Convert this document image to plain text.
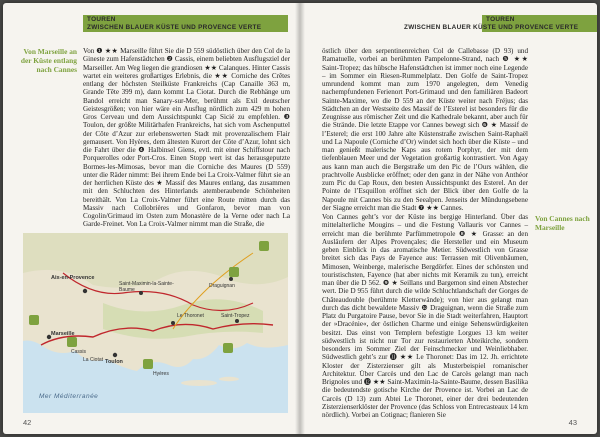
TOUREN
ZWISCHEN BLAUER KÜSTE UND PROVENCE VERTE
Von Marseille an der Küste entlang nach Cannes

Von ❶ ★★ Marseille führt Sie die D 559 südöstlich über den Col de la Gineste zum Hafenstädtchen ❷ Cassis, einem beliebten Ausflugsziel der Marseiller. Am Weg liegen die grandiosen ★★ Calanques. Hinter Cassis wartet ein weiteres großartiges Erlebnis, die ★★ Corniche des Crêtes entlang der höchsten Steilküste Frankreichs (Cap Canaille 363 m, Grande Tête 399 m), dann kommt La Ciotat. Durch die Rebhänge um Bandol erreicht man Sanary-sur-Mer, berühmt als Exil deutscher Geistesgrößen; von hier wäre ein Ausflug nördlich zum 429 m hohen Gros Cerveau und dem Aussichtspunkt Cap Sicié zu empfehlen. ❸ Toulon, der größte Militärhafen Frankreichs, hat sich vom Aschenputtel der Côte d’Azur zur erlebenswerten Stadt mit provenzalischem Flair gemausert. Von Hyères, dem ältesten Kurort der Côte d’Azur, lohnt sich die Fahrt über die ❹ Halbinsel Giens, evtl. mit einer Schiffstour nach Porquerolles oder Port-Cros. Einen Stopp wert ist das herausgeputzte Bormes-les-Mimosas, bevor man die Corniche des Maures (D 559) unter die Räder nimmt: Bei ihrem Ende bei La Croix-Valmer führt sie an der herrlichen Küste des ★ Massif des Maures entlang, das zusammen mit den Schluchten des Hinterlands atemberaubende Schönheiten bereithält. Von La Croix-Valmer führt eine Route mitten durch das Massiv nach Collobrières und Gonfaron, bevor man von Cogolin/Grimaud im Osten zum Monastère de la Verne oder nach La Garde-Freinet. Von La Croix-Valmer nimmt man die Straße, die

Mer Méditerranée
Aix-en-Provence
Marseille
Toulon
Saint-Maximin-la-Sainte-Baume
Le Thoronet	Saint-Tropez
Draguignan
Cassis
La Ciotat
Hyères
42
TOUREN
ZWISCHEN BLAUER KÜSTE UND PROVENCE VERTE
Von Cannes nach Marseille

östlich über den serpentinenreichen Col de Callebasse (D 93) und Ramatuelle, vorbei an berühmten Pampelonne-Strand, nach ❺ ★★ Saint-Tropez; das hübsche Hafenstädtchen ist immer noch eine Legende – im Sommer ein Riesen-Rummelplatz. Den Golfe de Saint-Tropez umrundend kommt man zum 1970 angelegten, dem Venedig nachempfundenen Ferienort Port-Grimaud und den familiären Badeort Sainte-Maxime, wo die D 559 an der Küste weiter nach Fréjus; das Städtchen an der Westseite des Massif de l’Esterel ist besonders für die Zeugnisse aus römischer Zeit und die Kathedrale bekannt, aber auch für die Strände. Die letzte Etappe vor Cannes bewegt sich ❻ ★ Massif de l’Esterel; die erst 100 Jahre alte Küstenstraße zwischen Saint-Raphaël und La Napoule (Corniche d’Or) windet sich hoch über die Küste – und man genießt malerische Kaps aus rotem Porphyr, der mit dem tiefenblauen Meer und der Vegetation großartig kontrastiert. Von Agay aus kann man auch die Bergstraße um den Pic de l’Ours wählen, die prachtvolle Ausblicke eröffnet; oder den ganz in der Nähe von Anthéor zum Pic du Cap Roux, den besten Aussichtspunkt des Esterel. An der Pointe de l’Esquillon eröffnet sich der Blick über den Golfe de la Napoule mit Cannes bis zu den Seealpen. Jenseits der Mündungsebene der Siagne erreicht man die Stadt ❼ ★★ Cannes.

Von Cannes geht’s vor der Küste ins bergige Hinterland. Über das mittelalterliche Mougins – und die Festung Vallauris vor Cannes – erreicht man die berühmte Parfümmetropole ❽ ★ Grasse: an den Ausläufern der Alpes Provençales; die Hersteller und ein Museum geben Einblick in das aromatische Metier. Südwestlich von Grasse breitet sich das Pays de Fayence aus: Terrassen mit Olivenbäumen, Mimosen, Weinberge, malerische Bergdörfer. Eines der schönsten und touristischsten, Fayence (hat aber nichts mit Keramik zu tun), erreicht man über die D 562. ❾ ★ Seillans und Bargemon sind einen Abstecher wert. Die D 955 führt durch die wilde Schluchtlandschaft der Gorges de Châteaudouble (berühmte Kletterwände); von hier aus gelangt man durch das dicht bewaldete Massiv ❿ Draguignan, wenn die Straße zum Platz du Purgatoire Pause, bevor Sie in die Stadt weiterfahren, Hauptort der »Dracénie«, der östlichen Charme und einige Sehenswürdigkeiten besitzt. Das einst von Templern befestigte Lorgues 13 km weiter südwestlich ist nicht nur Tor zur restaurierten Abteikirche, sondern besonders im Sommer Ziel der Feinschmecker und Weinliebhaber. Südwestlich geht’s zur ⓫ ★★ Le Thoronet: Das im 12. Jh. errichtete Kloster der Zisterzienser gilt als Musterbeispiel romanischer Architektur. Über Carcès und den Lac de Carcès gelangt man nach Brignoles und ⓬ ★★ Saint-Maximin-la-Sainte-Baume, dessen Basilika die bedeutendste gotische Kirche der Provence ist. Vorbei an Lac de Carcès (D 13) zum Abtei Le Thoronet, einer der drei bedeutenden Zisterzienserklöster der Provence (das Schloss von Entrecasteaux 14 km nördlich). Vorbei an Cotignac; flanieren Sie

43
